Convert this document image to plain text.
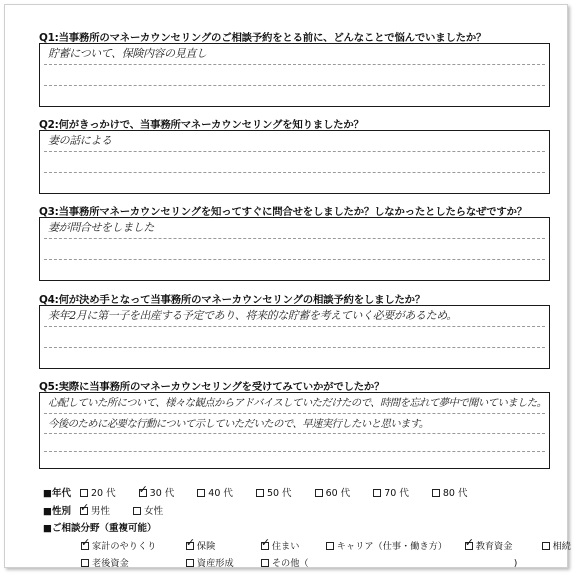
Q1:当事務所のマネーカウンセリングのご相談予約をとる前に、どんなことで悩んでいましたか？
貯蓄について、保険内容の見直し
Q2:何がきっかけで、当事務所マネーカウンセリングを知りましたか？
妻の話による
Q3:当事務所マネーカウンセリングを知ってすぐに問合せをしましたか？しなかったとしたらなぜですか？
妻が問合せをしました
Q4:何が決め手となって当事務所のマネーカウンセリングの相談予約をしましたか？
来年2月に第一子を出産する予定であり、将来的な貯蓄を考えていく必要があるため。
Q5:実際に当事務所のマネーカウンセリングを受けてみていかがでしたか？
心配していた所について、様々な観点からアドバイスしていただけたので、時間を忘れて夢中で聞いていました。
今後のために必要な行動について示していただいたので、早速実行したいと思います。
■年代 20 代 ✓	30 代	40 代	50 代	60 代	70 代	80 代
■性別 ✓ 男性	女性
■ご相談分野（重複可能）
✓家計のやりくり ✓	保険 ✓	住まい	キャリア（仕事・働き方） ✓	教育資金	相続
老後資金	資産形成	その他（	)
